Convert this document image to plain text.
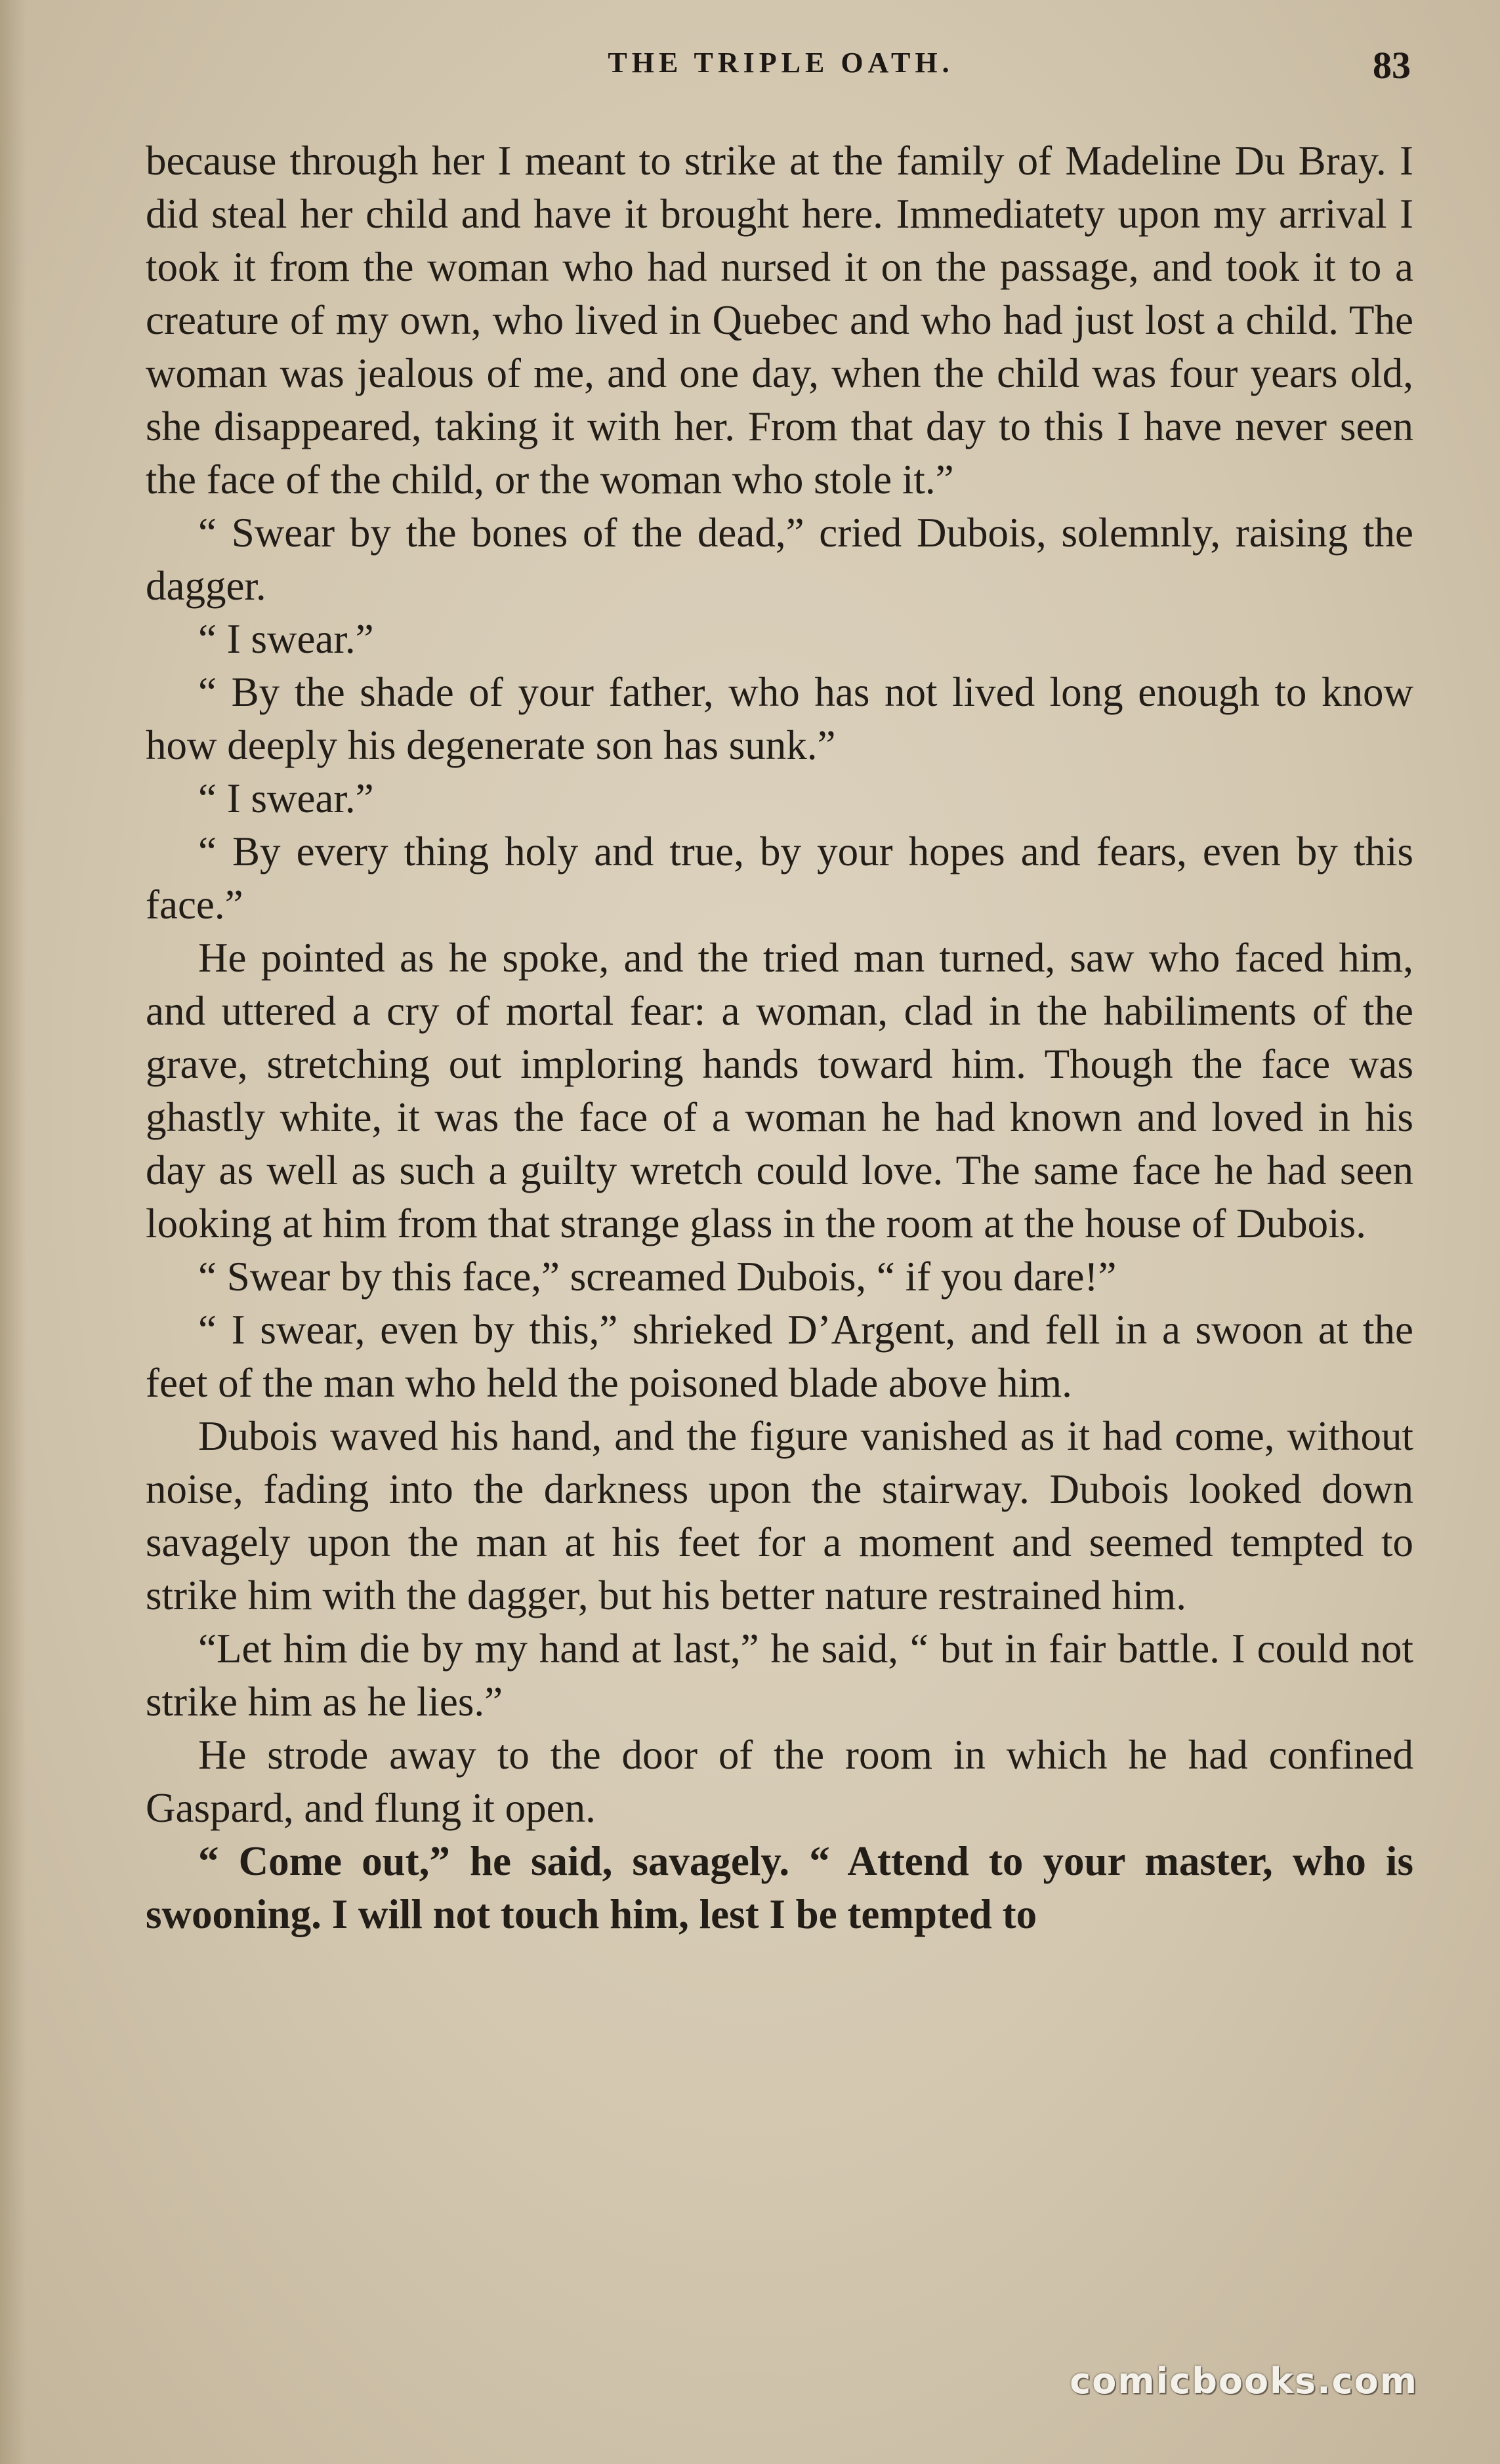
THE TRIPLE OATH.	83

because through her I meant to strike at the family of Madeline Du Bray. I did steal her child and have it brought here. Immediatety upon my arrival I took it from the woman who had nursed it on the passage, and took it to a creature of my own, who lived in Quebec and who had just lost a child. The woman was jealous of me, and one day, when the child was four years old, she disappeared, taking it with her. From that day to this I have never seen the face of the child, or the woman who stole it.”

“ Swear by the bones of the dead,” cried Dubois, solemnly, raising the dagger.

“ I swear.”

“ By the shade of your father, who has not lived long enough to know how deeply his degenerate son has sunk.”

“ I swear.”

“ By every thing holy and true, by your hopes and fears, even by this face.”

He pointed as he spoke, and the tried man turned, saw who faced him, and uttered a cry of mortal fear: a woman, clad in the habiliments of the grave, stretching out imploring hands toward him. Though the face was ghastly white, it was the face of a woman he had known and loved in his day as well as such a guilty wretch could love. The same face he had seen looking at him from that strange glass in the room at the house of Dubois.

“ Swear by this face,” screamed Dubois, “ if you dare!”

“ I swear, even by this,” shrieked D’Argent, and fell in a swoon at the feet of the man who held the poisoned blade above him.

Dubois waved his hand, and the figure vanished as it had come, without noise, fading into the darkness upon the stairway. Dubois looked down savagely upon the man at his feet for a moment and seemed tempted to strike him with the dagger, but his better nature restrained him.

“Let him die by my hand at last,” he said, “ but in fair battle. I could not strike him as he lies.”

He strode away to the door of the room in which he had confined Gaspard, and flung it open.

“ Come out,” he said, savagely. “ Attend to your master, who is swooning. I will not touch him, lest I be tempted to

comicbooks.com
